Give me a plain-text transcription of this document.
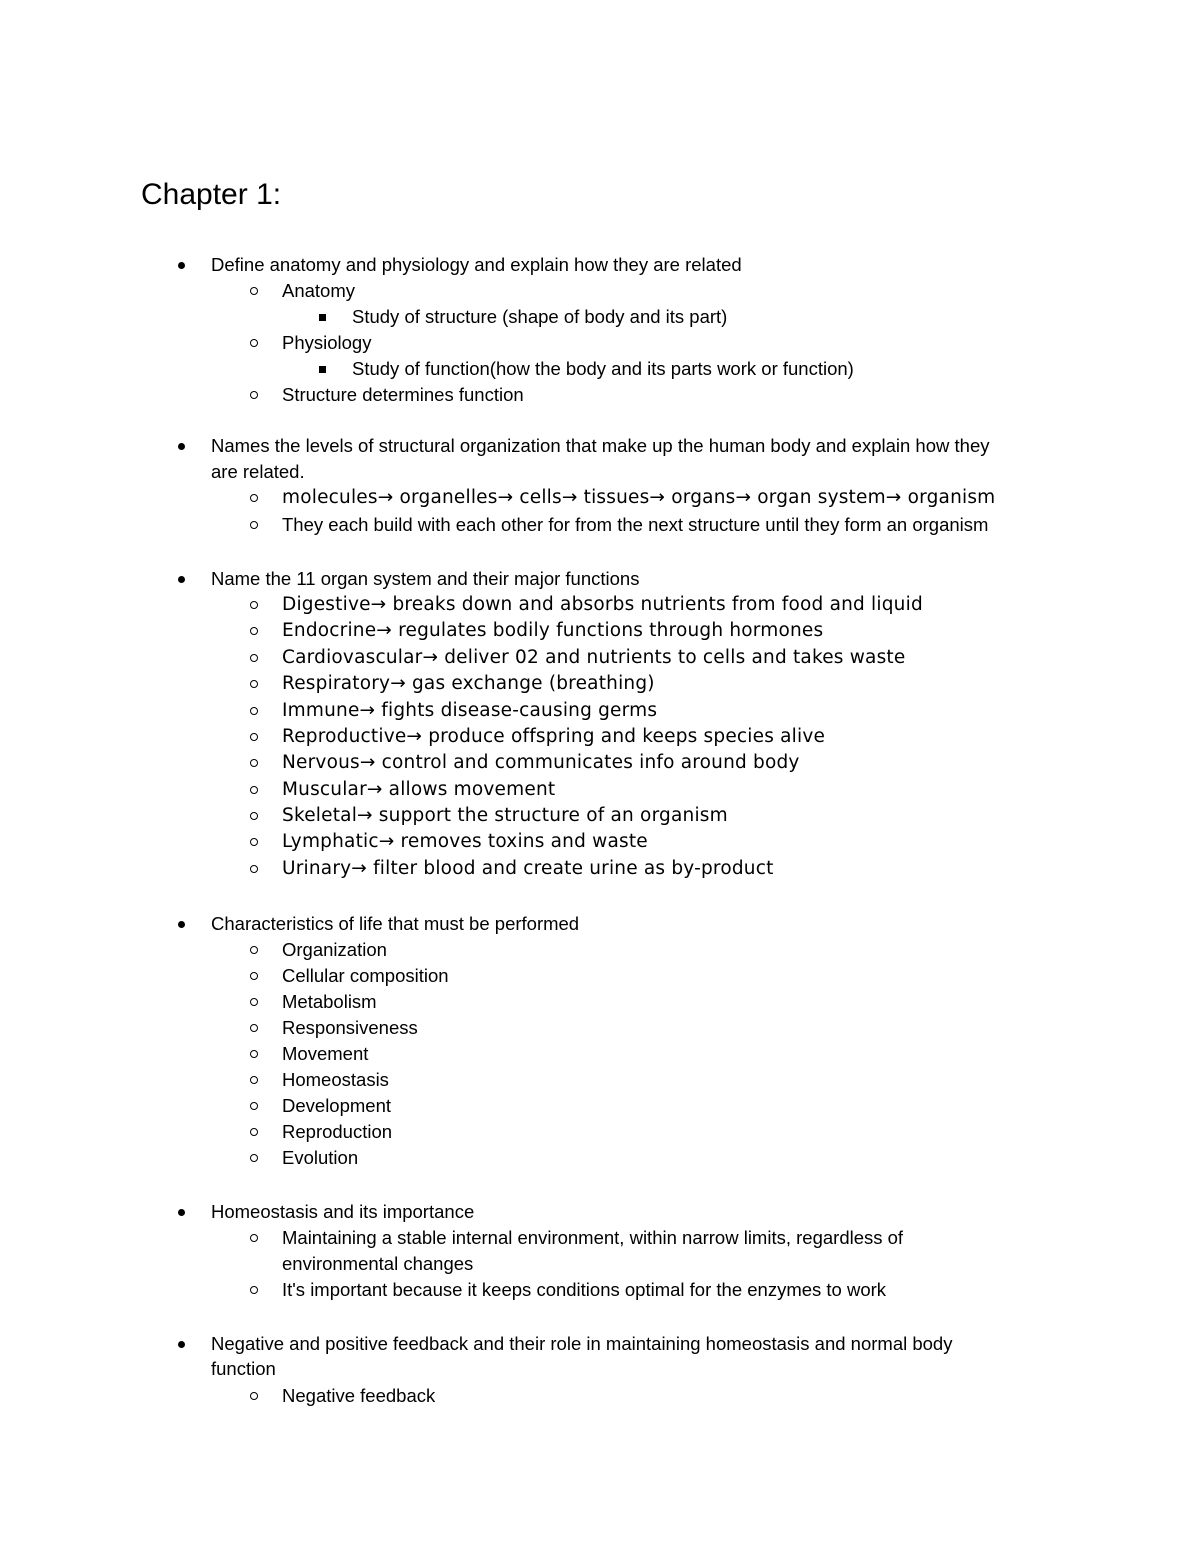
Chapter 1:
Define anatomy and physiology and explain how they are related
Anatomy
Study of structure (shape of body and its part)
Physiology
Study of function(how the body and its parts work or function)
Structure determines function
Names the levels of structural organization that make up the human body and explain how they
are related.
molecules→ organelles→ cells→ tissues→ organs→ organ system→ organism
They each build with each other for from the next structure until they form an organism
Name the 11 organ system and their major functions
Digestive→ breaks down and absorbs nutrients from food and liquid
Endocrine→ regulates bodily functions through hormones
Cardiovascular→ deliver 02 and nutrients to cells and takes waste
Respiratory→ gas exchange (breathing)
Immune→ fights disease-causing germs
Reproductive→ produce offspring and keeps species alive
Nervous→ control and communicates info around body
Muscular→ allows movement
Skeletal→ support the structure of an organism
Lymphatic→ removes toxins and waste
Urinary→ filter blood and create urine as by-product
Characteristics of life that must be performed
Organization
Cellular composition
Metabolism
Responsiveness
Movement
Homeostasis
Development
Reproduction
Evolution
Homeostasis and its importance
Maintaining a stable internal environment, within narrow limits, regardless of
environmental changes
It's important because it keeps conditions optimal for the enzymes to work
Negative and positive feedback and their role in maintaining homeostasis and normal body
function
Negative feedback
